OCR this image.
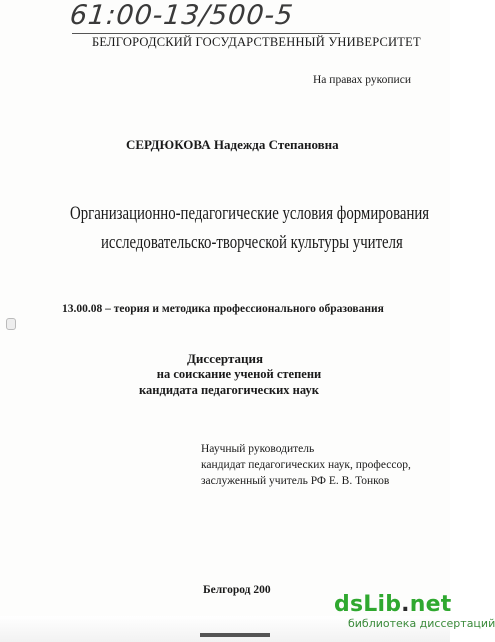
61:00-13/500-5
БЕЛГОРОДСКИЙ ГОСУДАРСТВЕННЫЙ УНИВЕРСИТЕТ
На правах рукописи
СЕРДЮКОВА Надежда Степановна
Организационно-педагогические условия формирования
исследовательско-творческой культуры учителя
13.00.08 – теория и методика профессионального образования
Диссертация
на соискание ученой степени
кандидата педагогических наук
Научный руководитель
кандидат педагогических наук, профессор,
заслуженный учитель РФ Е. В. Тонков
Белгород 200
dsLib.net
библиотека диссертаций
